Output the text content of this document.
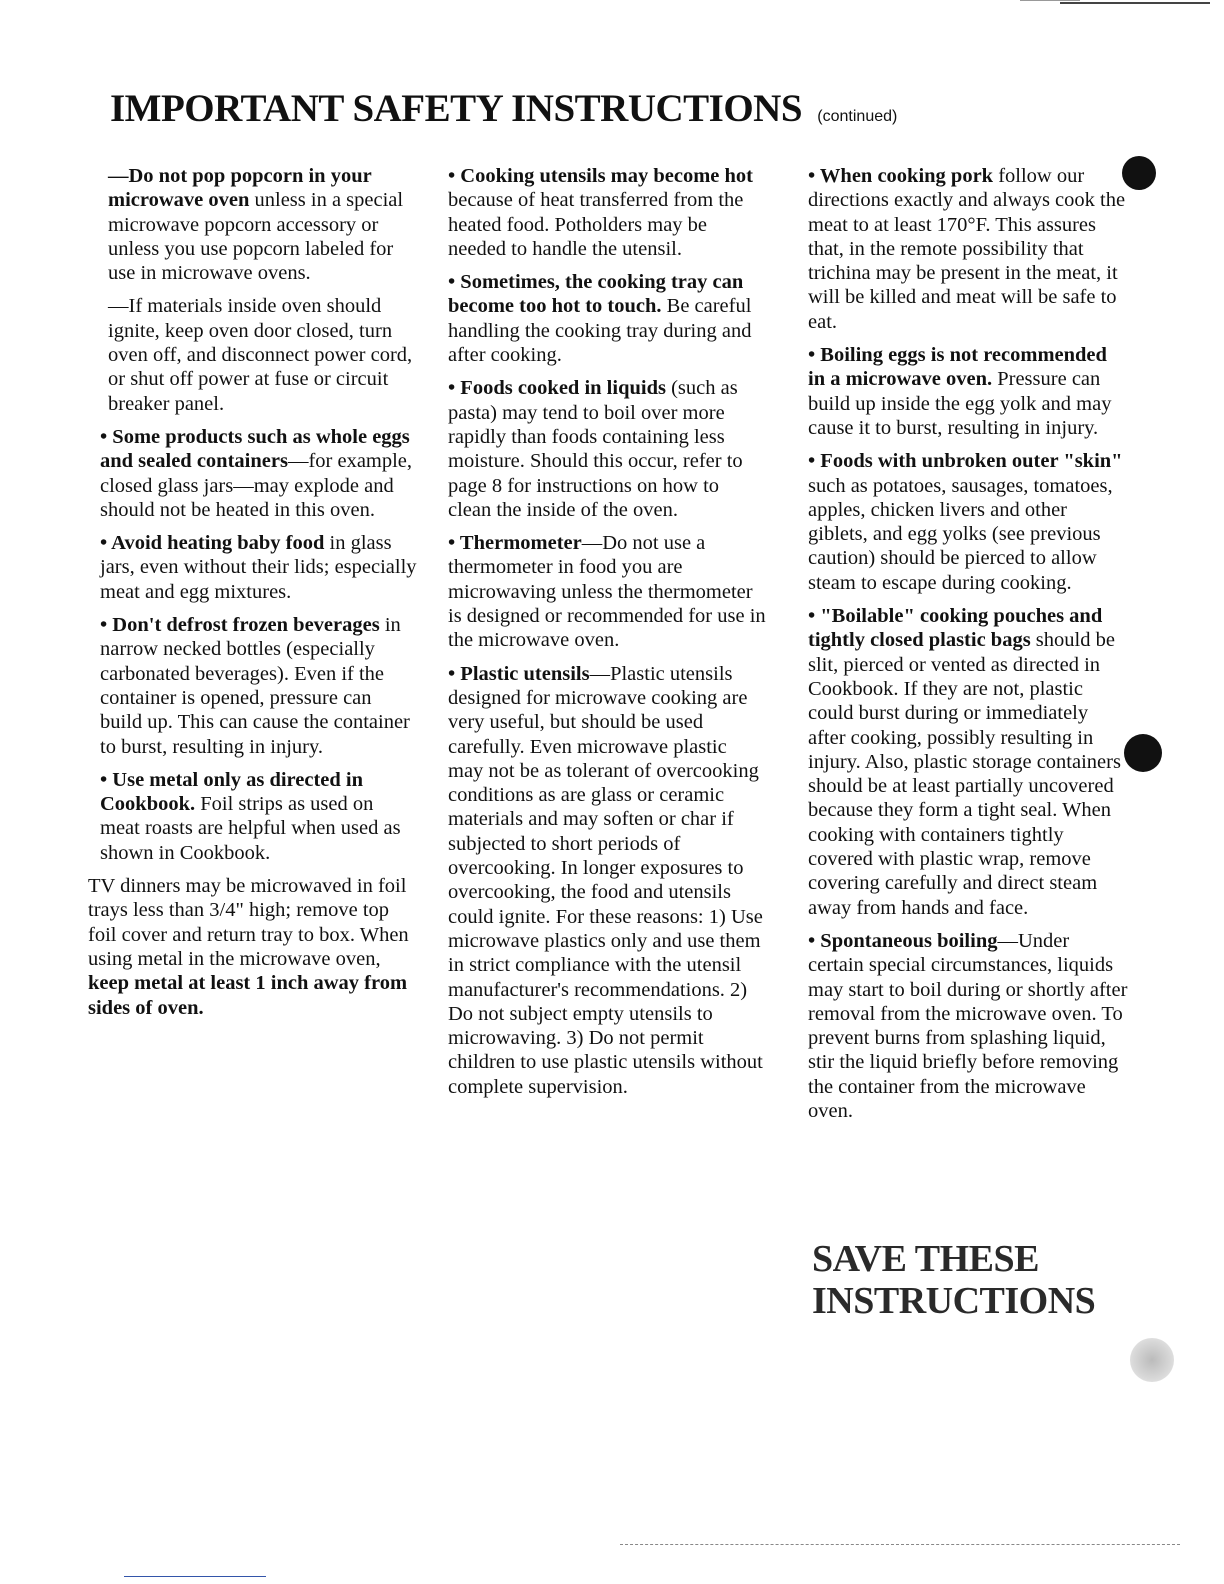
IMPORTANT SAFETY INSTRUCTIONS (continued)

—Do not pop popcorn in your microwave oven unless in a special microwave popcorn accessory or unless you use popcorn labeled for use in microwave ovens.

—If materials inside oven should ignite, keep oven door closed, turn oven off, and disconnect power cord, or shut off power at fuse or circuit breaker panel.

• Some products such as whole eggs and sealed containers—for example, closed glass jars—may explode and should not be heated in this oven.

• Avoid heating baby food in glass jars, even without their lids; especially meat and egg mixtures.

• Don't defrost frozen beverages in narrow necked bottles (especially carbonated beverages). Even if the container is opened, pressure can build up. This can cause the container to burst, resulting in injury.

• Use metal only as directed in Cookbook. Foil strips as used on meat roasts are helpful when used as shown in Cookbook.

TV dinners may be microwaved in foil trays less than 3/4" high; remove top foil cover and return tray to box. When using metal in the microwave oven, keep metal at least 1 inch away from sides of oven.

• Cooking utensils may become hot because of heat transferred from the heated food. Potholders may be needed to handle the utensil.

• Sometimes, the cooking tray can become too hot to touch. Be careful handling the cooking tray during and after cooking.

• Foods cooked in liquids (such as pasta) may tend to boil over more rapidly than foods containing less moisture. Should this occur, refer to page 8 for instructions on how to clean the inside of the oven.

• Thermometer—Do not use a thermometer in food you are microwaving unless the thermometer is designed or recommended for use in the microwave oven.

• Plastic utensils—Plastic utensils designed for microwave cooking are very useful, but should be used carefully. Even microwave plastic may not be as tolerant of overcooking conditions as are glass or ceramic materials and may soften or char if subjected to short periods of overcooking. In longer exposures to overcooking, the food and utensils could ignite. For these reasons: 1) Use microwave plastics only and use them in strict compliance with the utensil manufacturer's recommendations. 2) Do not subject empty utensils to microwaving. 3) Do not permit children to use plastic utensils without complete supervision.

• When cooking pork follow our directions exactly and always cook the meat to at least 170°F. This assures that, in the remote possibility that trichina may be present in the meat, it will be killed and meat will be safe to eat.

• Boiling eggs is not recommended in a microwave oven. Pressure can build up inside the egg yolk and may cause it to burst, resulting in injury.

• Foods with unbroken outer "skin" such as potatoes, sausages, tomatoes, apples, chicken livers and other giblets, and egg yolks (see previous caution) should be pierced to allow steam to escape during cooking.

• "Boilable" cooking pouches and tightly closed plastic bags should be slit, pierced or vented as directed in Cookbook. If they are not, plastic could burst during or immediately after cooking, possibly resulting in injury. Also, plastic storage containers should be at least partially uncovered because they form a tight seal. When cooking with containers tightly covered with plastic wrap, remove covering carefully and direct steam away from hands and face.

• Spontaneous boiling—Under certain special circumstances, liquids may start to boil during or shortly after removal from the microwave oven. To prevent burns from splashing liquid, stir the liquid briefly before removing the container from the microwave oven.

SAVE THESE
INSTRUCTIONS
